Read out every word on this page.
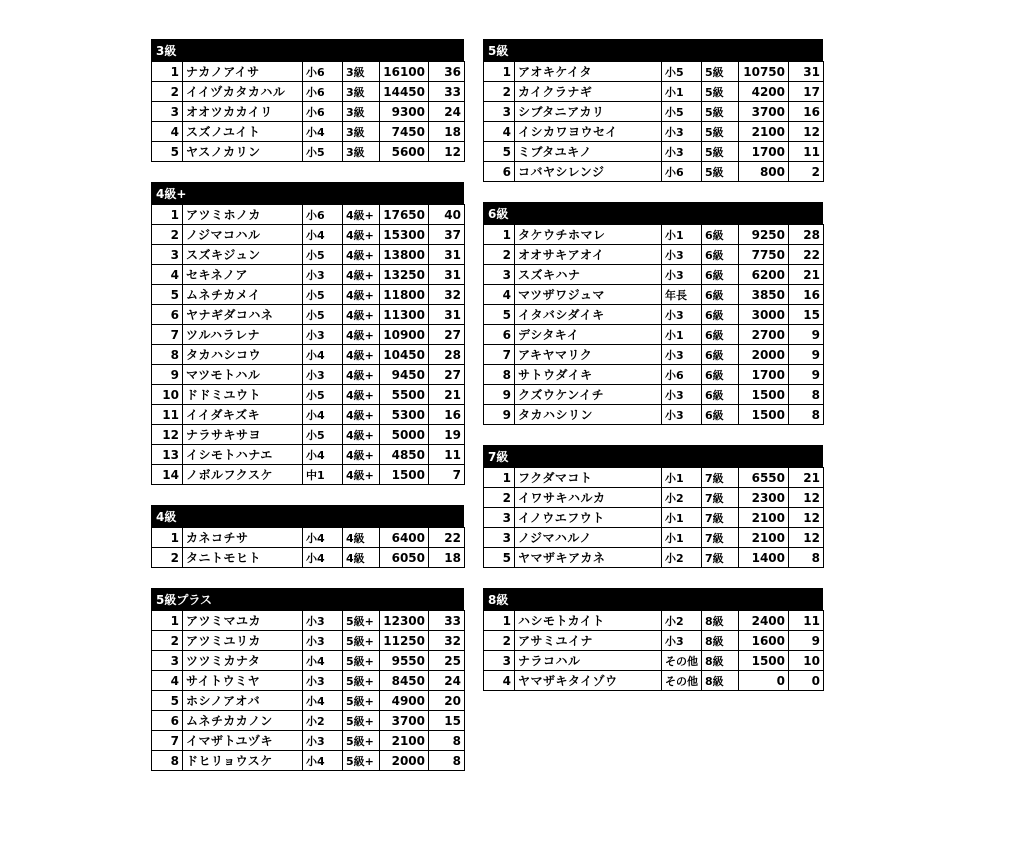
3級
1	ナカノアイサ	小6	3級	16100	36
2	イイヅカタカハル	小6	3級	14450	33
3	オオツカカイリ	小6	3級	9300	24
4	スズノユイト	小4	3級	7450	18
5	ヤスノカリン	小5	3級	5600	12
4級+
1	アツミホノカ	小6	4級+	17650	40
2	ノジマコハル	小4	4級+	15300	37
3	スズキジュン	小5	4級+	13800	31
4	セキネノア	小3	4級+	13250	31
5	ムネチカメイ	小5	4級+	11800	32
6	ヤナギダコハネ	小5	4級+	11300	31
7	ツルハラレナ	小3	4級+	10900	27
8	タカハシコウ	小4	4級+	10450	28
9	マツモトハル	小3	4級+	9450	27
10	ドドミユウト	小5	4級+	5500	21
11	イイダキズキ	小4	4級+	5300	16
12	ナラサキサヨ	小5	4級+	5000	19
13	イシモトハナエ	小4	4級+	4850	11
14	ノボルフクスケ	中1	4級+	1500	7
4級
1	カネコチサ	小4	4級	6400	22
2	タニトモヒト	小4	4級	6050	18
5級プラス
1	アツミマユカ	小3	5級+	12300	33
2	アツミユリカ	小3	5級+	11250	32
3	ツツミカナタ	小4	5級+	9550	25
4	サイトウミヤ	小3	5級+	8450	24
5	ホシノアオバ	小4	5級+	4900	20
6	ムネチカカノン	小2	5級+	3700	15
7	イマザトユヅキ	小3	5級+	2100	8
8	ドヒリョウスケ	小4	5級+	2000	8
5級
1	アオキケイタ	小5	5級	10750	31
2	カイクラナギ	小1	5級	4200	17
3	シブタニアカリ	小5	5級	3700	16
4	イシカワヨウセイ	小3	5級	2100	12
5	ミブタユキノ	小3	5級	1700	11
6	コバヤシレンジ	小6	5級	800	2
6級
1	タケウチホマレ	小1	6級	9250	28
2	オオサキアオイ	小3	6級	7750	22
3	スズキハナ	小3	6級	6200	21
4	マツザワジュマ	年長	6級	3850	16
5	イタバシダイキ	小3	6級	3000	15
6	デシタキイ	小1	6級	2700	9
7	アキヤマリク	小3	6級	2000	9
8	サトウダイキ	小6	6級	1700	9
9	クズウケンイチ	小3	6級	1500	8
9	タカハシリン	小3	6級	1500	8
7級
1	フクダマコト	小1	7級	6550	21
2	イワサキハルカ	小2	7級	2300	12
3	イノウエフウト	小1	7級	2100	12
3	ノジマハルノ	小1	7級	2100	12
5	ヤマザキアカネ	小2	7級	1400	8
8級
1	ハシモトカイト	小2	8級	2400	11
2	アサミユイナ	小3	8級	1600	9
3	ナラコハル	その他	8級	1500	10
4	ヤマザキタイゾウ	その他	8級	0	0
